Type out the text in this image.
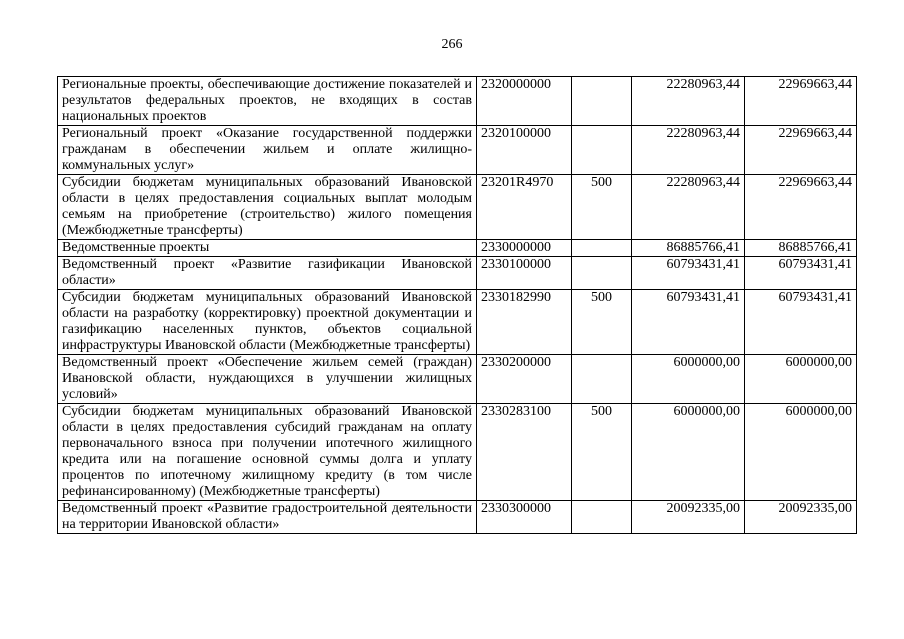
266
Региональные проекты, обеспечивающие достижение показателей и результатов федеральных проектов, не входящих в состав национальных проектов	2320000000		22280963,44	22969663,44
Региональный проект «Оказание государственной поддержки гражданам в обеспечении жильем и оплате жилищно-коммунальных услуг»	2320100000		22280963,44	22969663,44
Субсидии бюджетам муниципальных образований Ивановской области в целях предоставления социальных выплат молодым семьям на приобретение (строительство) жилого помещения (Межбюджетные трансферты)	23201R4970	500	22280963,44	22969663,44
Ведомственные проекты	2330000000		86885766,41	86885766,41
Ведомственный проект «Развитие газификации Ивановской области»	2330100000		60793431,41	60793431,41
Субсидии бюджетам муниципальных образований Ивановской области на разработку (корректировку) проектной документации и газификацию населенных пунктов, объектов социальной инфраструктуры Ивановской области (Межбюджетные трансферты)	2330182990	500	60793431,41	60793431,41
Ведомственный проект «Обеспечение жильем семей (граждан) Ивановской области, нуждающихся в улучшении жилищных условий»	2330200000		6000000,00	6000000,00
Субсидии бюджетам муниципальных образований Ивановской области в целях предоставления субсидий гражданам на оплату первоначального взноса при получении ипотечного жилищного кредита или на погашение основной суммы долга и уплату процентов по ипотечному жилищному кредиту (в том числе рефинансированному) (Межбюджетные трансферты)	2330283100	500	6000000,00	6000000,00
Ведомственный проект «Развитие градостроительной деятельности на территории Ивановской области»	2330300000		20092335,00	20092335,00
